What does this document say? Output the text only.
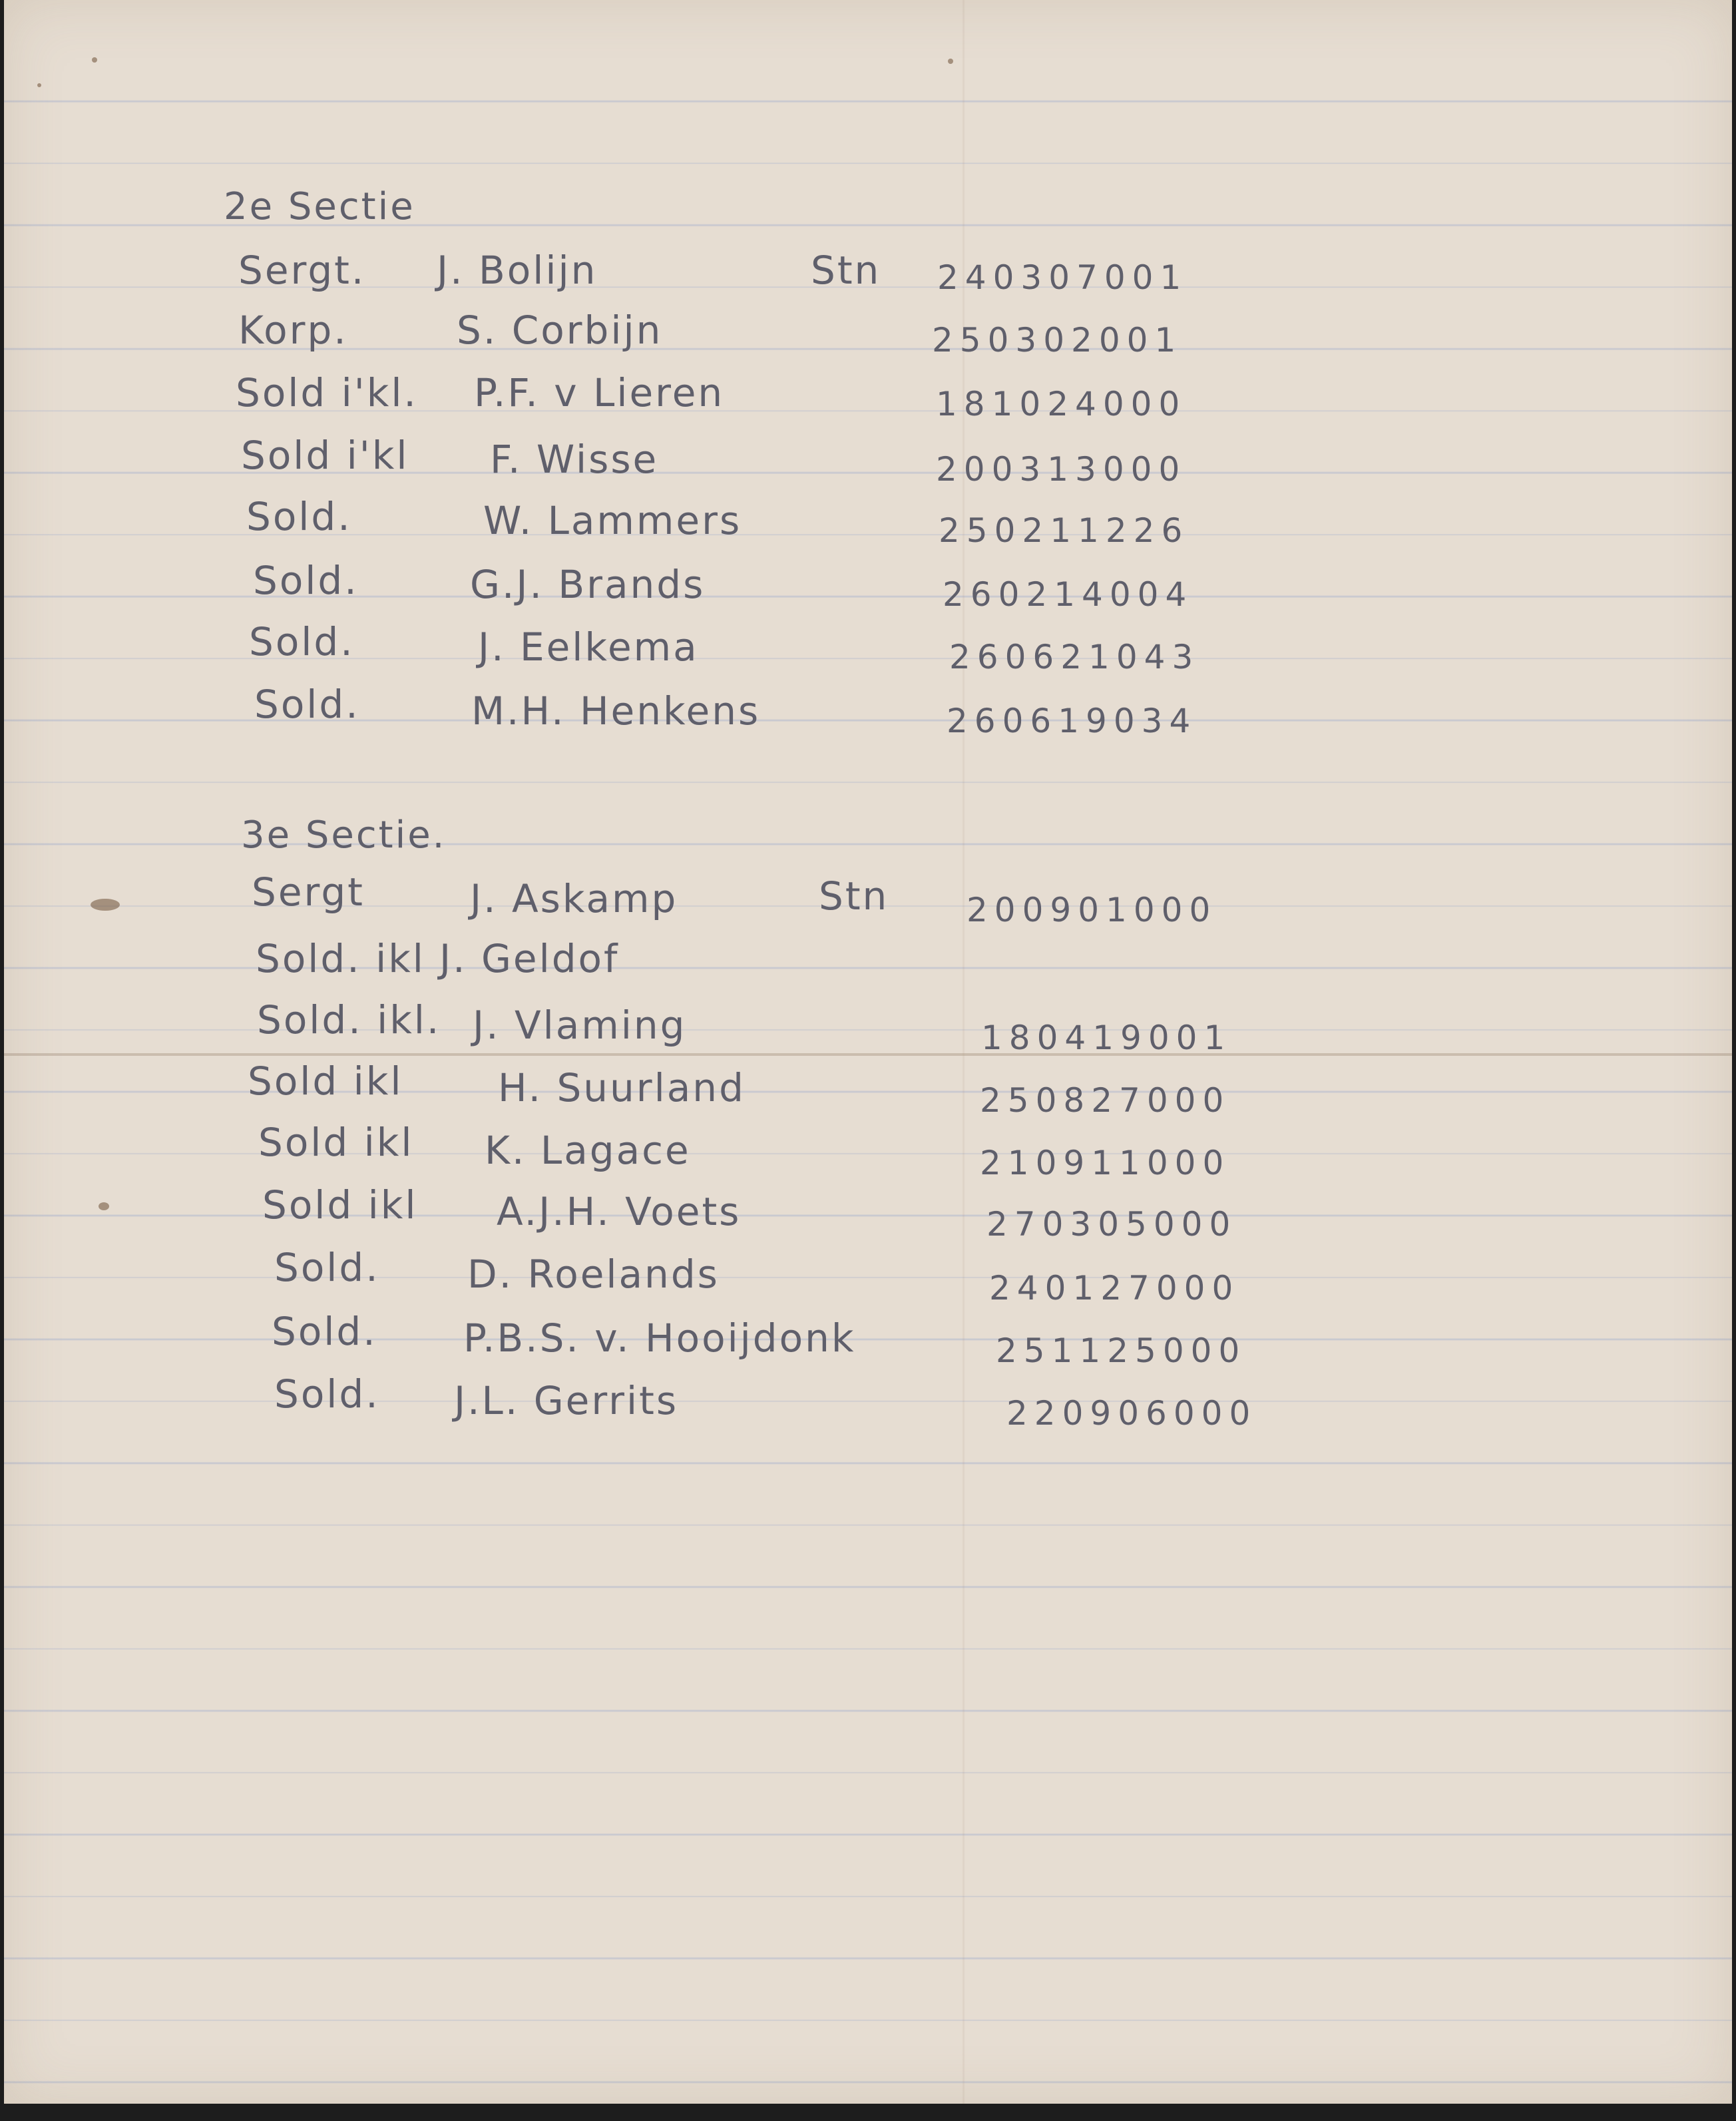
2e Sectie
Sergt. J. Bolijn	Stn 240307001
Korp.	S. Corbijn	250302001
Sold i'kl. P.F. v Lieren	181024000
Sold i'kl F. Wisse	200313000
Sold.	W. Lammers	250211226
Sold.	G.J. Brands	260214004
Sold.	J. Eelkema	260621043
Sold.	M.H. Henkens	260619034
3e Sectie.
Sergt	J. Askamp	Stn 200901000
Sold. ikl J. Geldof
Sold. ikl. J. Vlaming	180419001
Sold ikl H. Suurland	250827000
Sold ikl K. Lagace	210911000
Sold ikl A.J.H. Voets	270305000
Sold. D. Roelands	240127000
Sold. P.B.S. v. Hooijdonk	251125000
Sold. J.L. Gerrits	220906000
